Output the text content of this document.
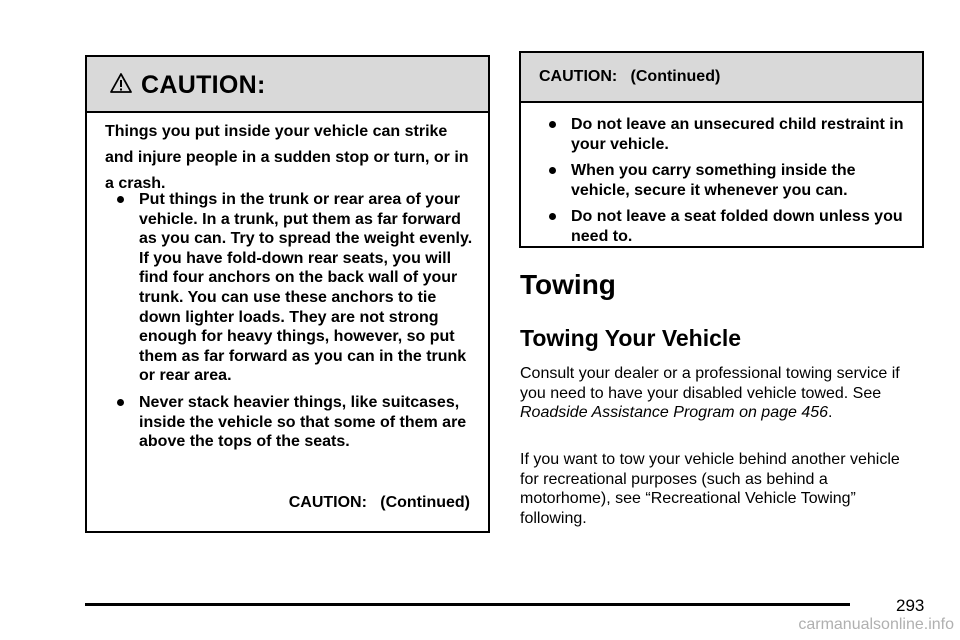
CAUTION:
Things you put inside your vehicle can strike and injure people in a sudden stop or turn, or in a crash.
Put things in the trunk or rear area of your vehicle. In a trunk, put them as far forward as you can. Try to spread the weight evenly. If you have fold-down rear seats, you will find four anchors on the back wall of your trunk. You can use these anchors to tie down lighter loads. They are not strong enough for heavy things, however, so put them as far forward as you can in the trunk or rear area.
Never stack heavier things, like suitcases, inside the vehicle so that some of them are above the tops of the seats.
CAUTION:   (Continued)
CAUTION:   (Continued)
Do not leave an unsecured child restraint in your vehicle.
When you carry something inside the vehicle, secure it whenever you can.
Do not leave a seat folded down unless you need to.
Towing
Towing Your Vehicle

Consult your dealer or a professional towing service if you need to have your disabled vehicle towed. See Roadside Assistance Program on page 456.

If you want to tow your vehicle behind another vehicle for recreational purposes (such as behind a motorhome), see “Recreational Vehicle Towing” following.

293
carmanualsonline.info
